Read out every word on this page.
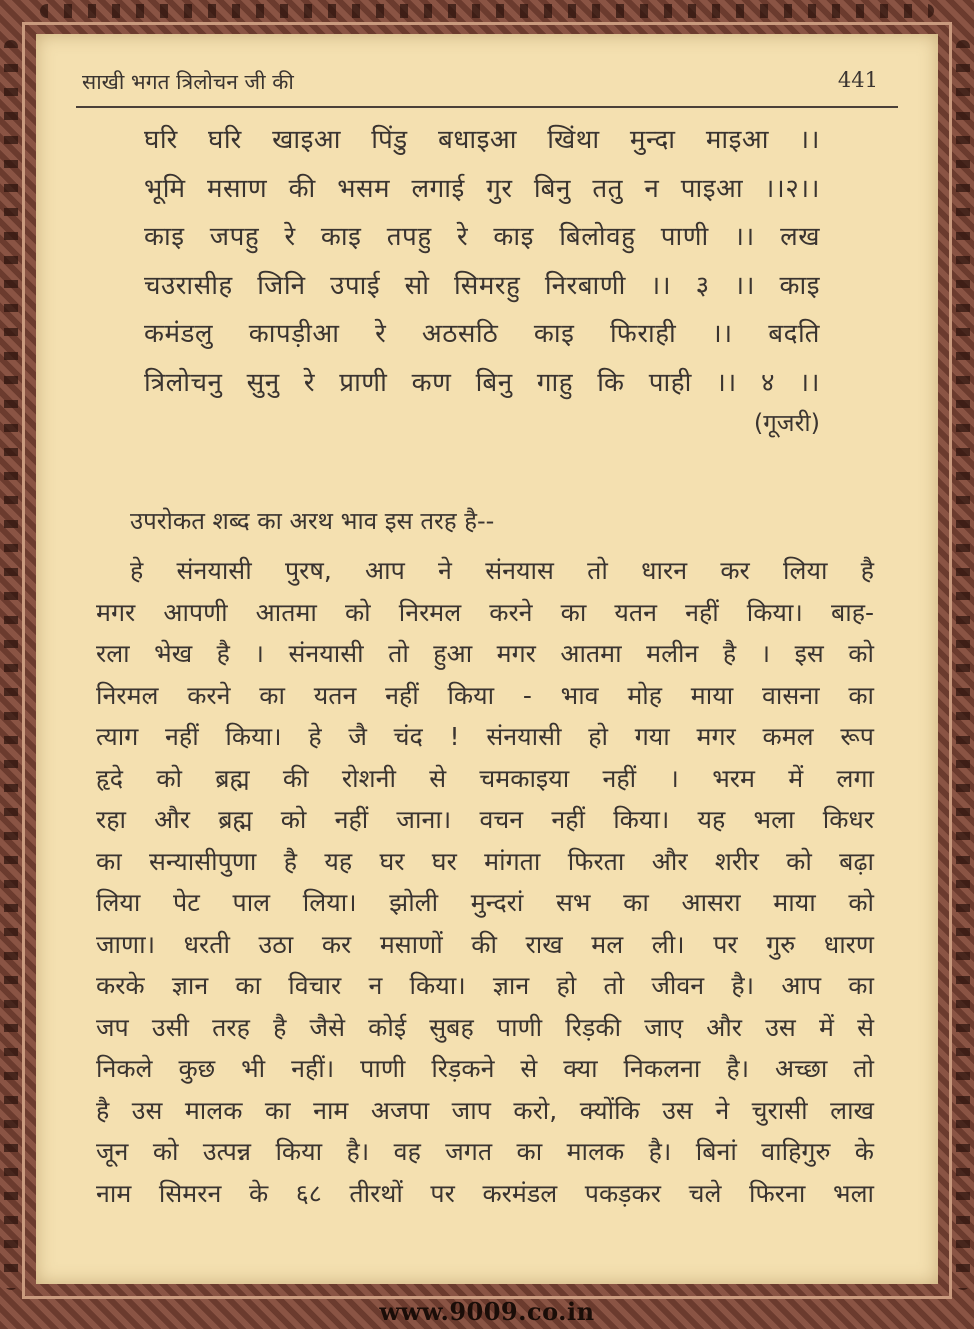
साखी भगत त्रिलोचन जी की	441
घरि घरि खाइआ पिंडु बधाइआ खिंथा मुन्दा माइआ ।।
भूमि मसाण की भसम लगाई गुर बिनु ततु न पाइआ ।।२।।
काइ जपहु रे काइ तपहु रे काइ बिलोवहु पाणी ।। लख
चउरासीह जिनि उपाई सो सिमरहु निरबाणी ।। ३ ।। काइ
कमंडलु कापड़ीआ रे अठसठि काइ फिराही ।। बदति
त्रिलोचनु सुनु रे प्राणी कण बिनु गाहु कि पाही ।। ४ ।।
(गूजरी)
उपरोकत शब्द का अरथ भाव इस तरह है--
हे संनयासी पुरष, आप ने संनयास तो धारन कर लिया है
मगर आपणी आतमा को निरमल करने का यतन नहीं किया। बाह-
रला भेख है । संनयासी तो हुआ मगर आतमा मलीन है । इस को
निरमल करने का यतन नहीं किया - भाव मोह माया वासना का
त्याग नहीं किया। हे जै चंद ! संनयासी हो गया मगर कमल रूप
हृदे को ब्रह्म की रोशनी से चमकाइया नहीं । भरम में लगा
रहा और ब्रह्म को नहीं जाना। वचन नहीं किया। यह भला किधर
का सन्यासीपुणा है यह घर घर मांगता फिरता और शरीर को बढ़ा
लिया पेट पाल लिया। झोली मुन्दरां सभ का आसरा माया को
जाणा। धरती उठा कर मसाणों की राख मल ली। पर गुरु धारण
करके ज्ञान का विचार न किया। ज्ञान हो तो जीवन है। आप का
जप उसी तरह है जैसे कोई सुबह पाणी रिड़की जाए और उस में से
निकले कुछ भी नहीं। पाणी रिड़कने से क्या निकलना है। अच्छा तो
है उस मालक का नाम अजपा जाप करो, क्योंकि उस ने चुरासी लाख
जून को उत्पन्न किया है। वह जगत का मालक है। बिनां वाहिगुरु के
नाम सिमरन के ६८ तीरथों पर करमंडल पकड़कर चले फिरना भला
www.9009.co.in
